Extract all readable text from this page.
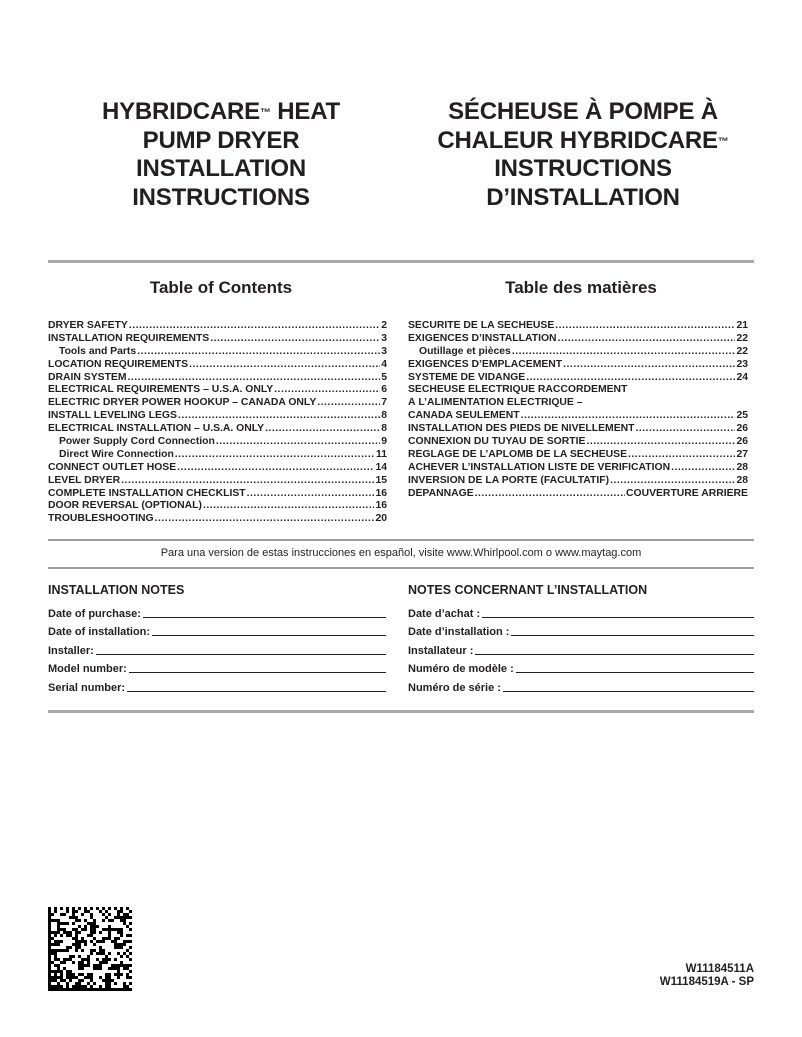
HYBRIDCARE™ HEAT
PUMP DRYER
INSTALLATION
INSTRUCTIONS
SÉCHEUSE À POMPE À
CHALEUR HYBRIDCARE™
INSTRUCTIONS
D’INSTALLATION
Table of Contents	Table des matières
DRYER SAFETY .....	2
INSTALLATION REQUIREMENTS .....	3
Tools and Parts .....	3
LOCATION REQUIREMENTS .....	4
DRAIN SYSTEM .....	5
ELECTRICAL REQUIREMENTS – U.S.A. ONLY .....	6
ELECTRIC DRYER POWER HOOKUP – CANADA ONLY .....	7
INSTALL LEVELING LEGS .....	8
ELECTRICAL INSTALLATION – U.S.A. ONLY .....	8
Power Supply Cord Connection .....	9
Direct Wire Connection .....	11
CONNECT OUTLET HOSE .....	14
LEVEL DRYER .....	15
COMPLETE INSTALLATION CHECKLIST .....	16
DOOR REVERSAL (OPTIONAL) .....	16
TROUBLESHOOTING .....	20
SÉCURITÉ DE LA SÉCHEUSE .....	21
EXIGENCES D’INSTALLATION .....	22
Outillage et pièces .....	22
EXIGENCES D’EMPLACEMENT .....	23
SYSTÈME DE VIDANGE .....	24
SÉCHEUSE ÉLECTRIQUE RACCORDEMENT
À L’ALIMENTATION ÉLECTRIQUE –
CANADA SEULEMENT .....	25
INSTALLATION DES PIEDS DE NIVELLEMENT .....	26
CONNEXION DU TUYAU DE SORTIE .....	26
RÉGLAGE DE L’APLOMB DE LA SÉCHEUSE .....	27
ACHEVER L’INSTALLATION LISTE DE VÉRIFICATION .....	28
INVERSION DE LA PORTE (FACULTATIF) .....	28
DÉPANNAGE .....	COUVERTURE ARRIÈRE
Para una version de estas instrucciones en español, visite www.Whirlpool.com o www.maytag.com
INSTALLATION NOTES	NOTES CONCERNANT L’INSTALLATION
Date of purchase:
Date of installation:
Installer:
Model number:
Serial number:
Date d’achat :
Date d’installation :
Installateur :
Numéro de modèle :
Numéro de série :
W11184511A
W11184519A - SP
